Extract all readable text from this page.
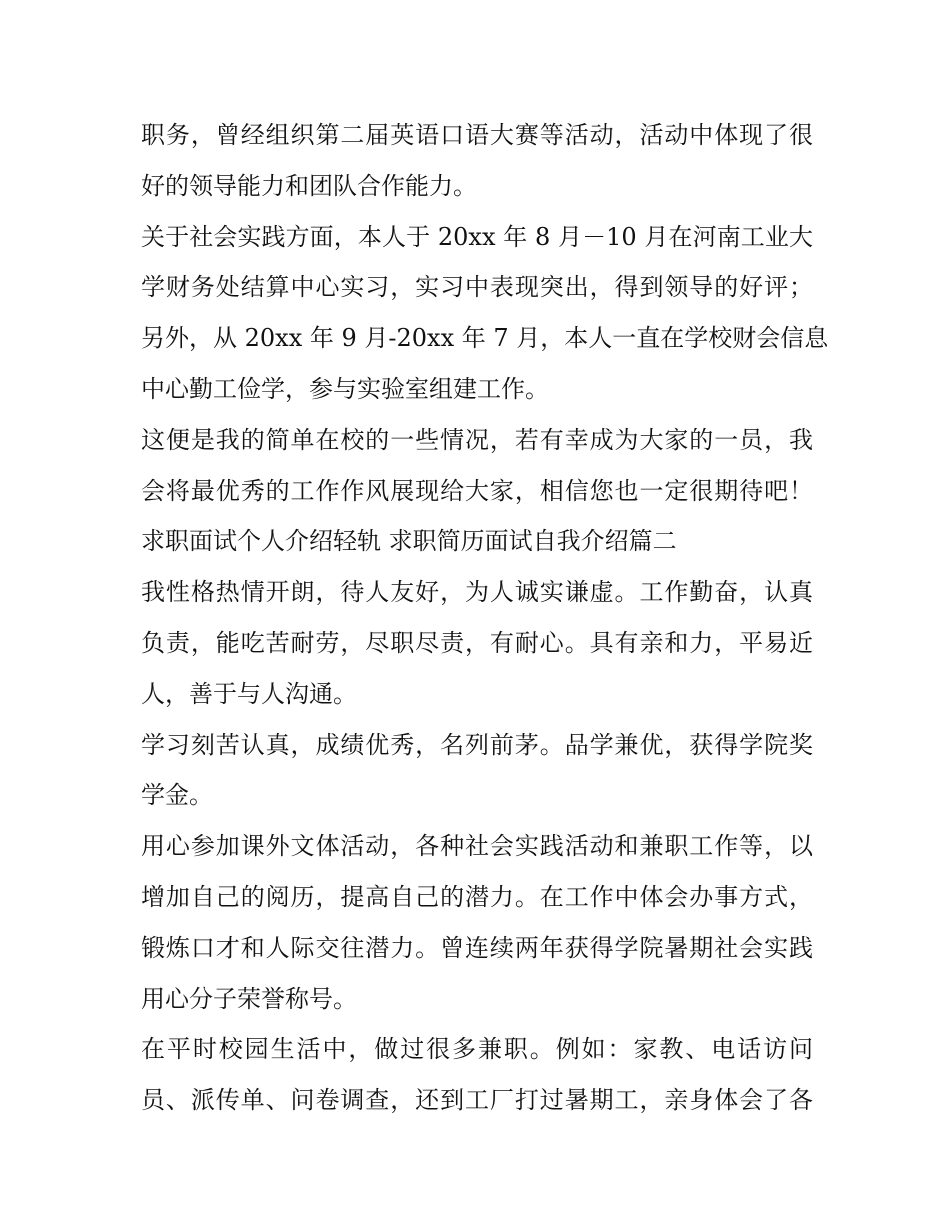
职务，曾经组织第二届英语口语大赛等活动，活动中体现了很
好的领导能力和团队合作能力。
关于社会实践方面，本人于 20xx 年 8 月－10 月在河南工业大
学财务处结算中心实习，实习中表现突出，得到领导的好评；
另外，从 20xx 年 9 月-20xx 年 7 月，本人一直在学校财会信息
中心勤工俭学，参与实验室组建工作。
这便是我的简单在校的一些情况，若有幸成为大家的一员，我
会将最优秀的工作作风展现给大家，相信您也一定很期待吧！
求职面试个人介绍轻轨 求职简历面试自我介绍篇二
我性格热情开朗，待人友好，为人诚实谦虚。工作勤奋，认真
负责，能吃苦耐劳，尽职尽责，有耐心。具有亲和力，平易近
人，善于与人沟通。
学习刻苦认真，成绩优秀，名列前茅。品学兼优，获得学院奖
学金。
用心参加课外文体活动，各种社会实践活动和兼职工作等，以
增加自己的阅历，提高自己的潜力。在工作中体会办事方式，
锻炼口才和人际交往潜力。曾连续两年获得学院暑期社会实践
用心分子荣誉称号。
在平时校园生活中，做过很多兼职。例如：家教、电话访问
员、派传单、问卷调查，还到工厂打过暑期工，亲身体会了各
